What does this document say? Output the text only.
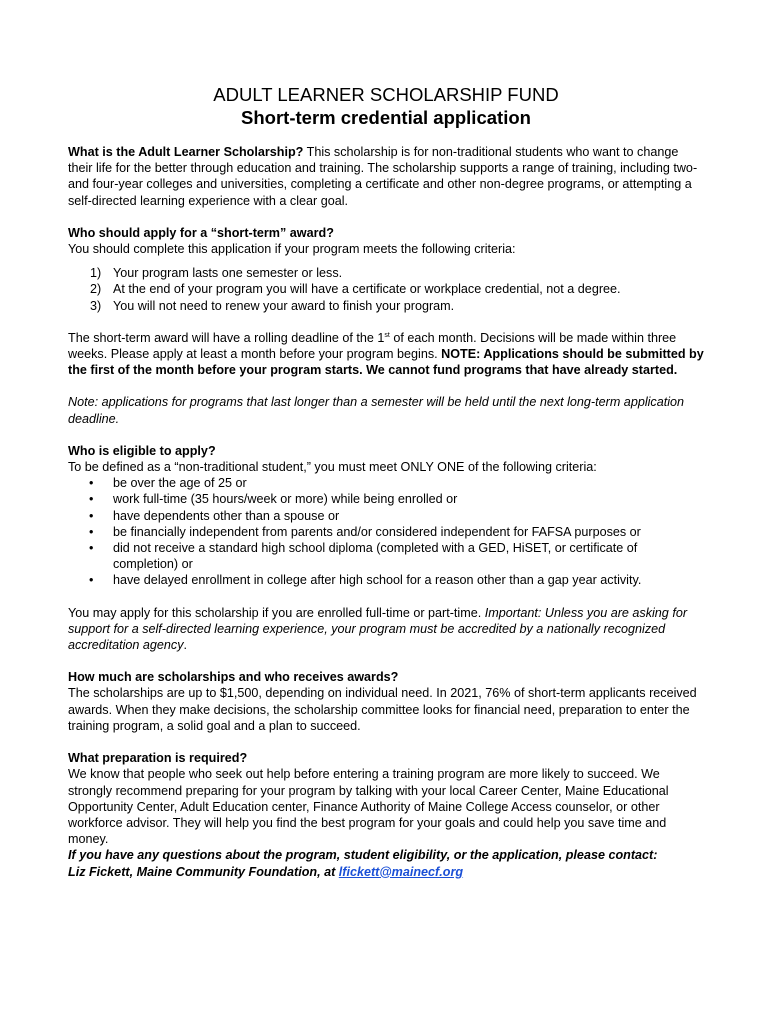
ADULT LEARNER SCHOLARSHIP FUND

Short-term credential application

What is the Adult Learner Scholarship? This scholarship is for non-traditional students who want to change their life for the better through education and training. The scholarship supports a range of training, including two- and four-year colleges and universities, completing a certificate and other non-degree programs, or attempting a self-directed learning experience with a clear goal.

Who should apply for a “short-term” award?

You should complete this application if your program meets the following criteria:

1) Your program lasts one semester or less.
2) At the end of your program you will have a certificate or workplace credential, not a degree.
3) You will not need to renew your award to finish your program.

The short-term award will have a rolling deadline of the 1st of each month. Decisions will be made within three weeks. Please apply at least a month before your program begins. NOTE: Applications should be submitted by the first of the month before your program starts. We cannot fund programs that have already started.

Note: applications for programs that last longer than a semester will be held until the next long-term application deadline.

Who is eligible to apply?

To be defined as a “non-traditional student,” you must meet ONLY ONE of the following criteria:

• be over the age of 25 or
• work full-time (35 hours/week or more) while being enrolled or
• have dependents other than a spouse or
• be financially independent from parents and/or considered independent for FAFSA purposes or
• did not receive a standard high school diploma (completed with a GED, HiSET, or certificate of completion) or
• have delayed enrollment in college after high school for a reason other than a gap year activity.

You may apply for this scholarship if you are enrolled full-time or part-time. Important: Unless you are asking for support for a self-directed learning experience, your program must be accredited by a nationally recognized accreditation agency.

How much are scholarships and who receives awards?

The scholarships are up to $1,500, depending on individual need. In 2021, 76% of short-term applicants received awards. When they make decisions, the scholarship committee looks for financial need, preparation to enter the training program, a solid goal and a plan to succeed.

What preparation is required?

We know that people who seek out help before entering a training program are more likely to succeed. We strongly recommend preparing for your program by talking with your local Career Center, Maine Educational Opportunity Center, Adult Education center, Finance Authority of Maine College Access counselor, or other workforce advisor. They will help you find the best program for your goals and could help you save time and money.

If you have any questions about the program, student eligibility, or the application, please contact:

Liz Fickett, Maine Community Foundation, at lfickett@mainecf.org
